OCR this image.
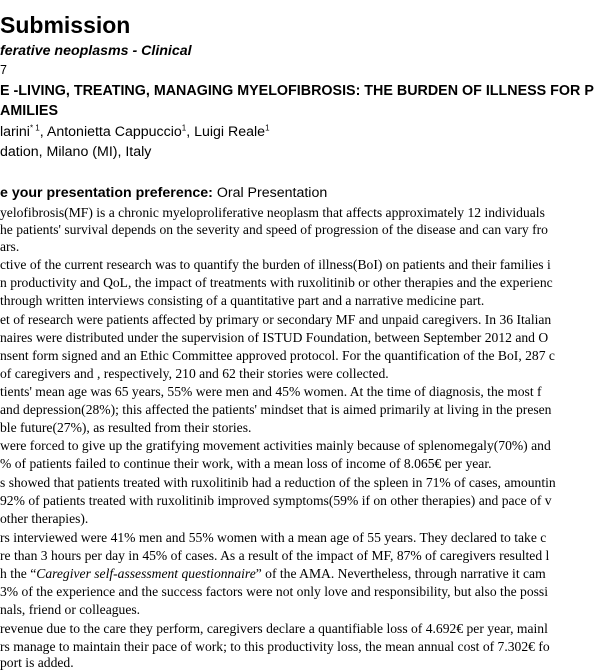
Submission
ferative neoplasms - Clinical
7
E -LIVING, TREATING, MANAGING MYELOFIBROSIS: THE BURDEN OF ILLNESS FOR P
AMILIES
larini$^{* 1}$, Antonietta Cappuccio$^1$, Luigi Reale$^1$
dation, Milano (MI), Italy
e your presentation preference: Oral Presentation
yelofibrosis(MF) is a chronic myeloproliferative neoplasm that affects approximately 12 individuals
he patients' survival depends on the severity and speed of progression of the disease and can vary fro
ars.
ctive of the current research was to quantify the burden of illness(BoI) on patients and their families i
n productivity and QoL, the impact of treatments with ruxolitinib or other therapies and the experienc
through written interviews consisting of a quantitative part and a narrative medicine part.
et of research were patients affected by primary or secondary MF and unpaid caregivers. In 36 Italian
naires were distributed under the supervision of ISTUD Foundation, between September 2012 and O
nsent form signed and an Ethic Committee approved protocol. For the quantification of the BoI, 287 c
of caregivers and , respectively, 210 and 62 their stories were collected.
tients' mean age was 65 years, 55% were men and 45% women. At the time of diagnosis, the most f
and depression(28%); this affected the patients' mindset that is aimed primarily at living in the presen
ble future(27%), as resulted from their stories.
were forced to give up the gratifying movement activities mainly because of splenomegaly(70%) and
% of patients failed to continue their work, with a mean loss of income of 8.065€ per year.
s showed that patients treated with ruxolitinib had a reduction of the spleen in 71% of cases, amountin
92% of patients treated with ruxolitinib improved symptoms(59% if on other therapies) and pace of v
other therapies).
rs interviewed were 41% men and 55% women with a mean age of 55 years. They declared to take c
re than 3 hours per day in 45% of cases. As a result of the impact of MF, 87% of caregivers resulted l
h the “Caregiver self-assessment questionnaire” of the AMA. Nevertheless, through narrative it cam
3% of the experience and the success factors were not only love and responsibility, but also the possi
nals, friend or colleagues.
revenue due to the care they perform, caregivers declare a quantifiable loss of 4.692€ per year, mainl
rs manage to maintain their pace of work; to this productivity loss, the mean annual cost of 7.302€ fo
port is added.
